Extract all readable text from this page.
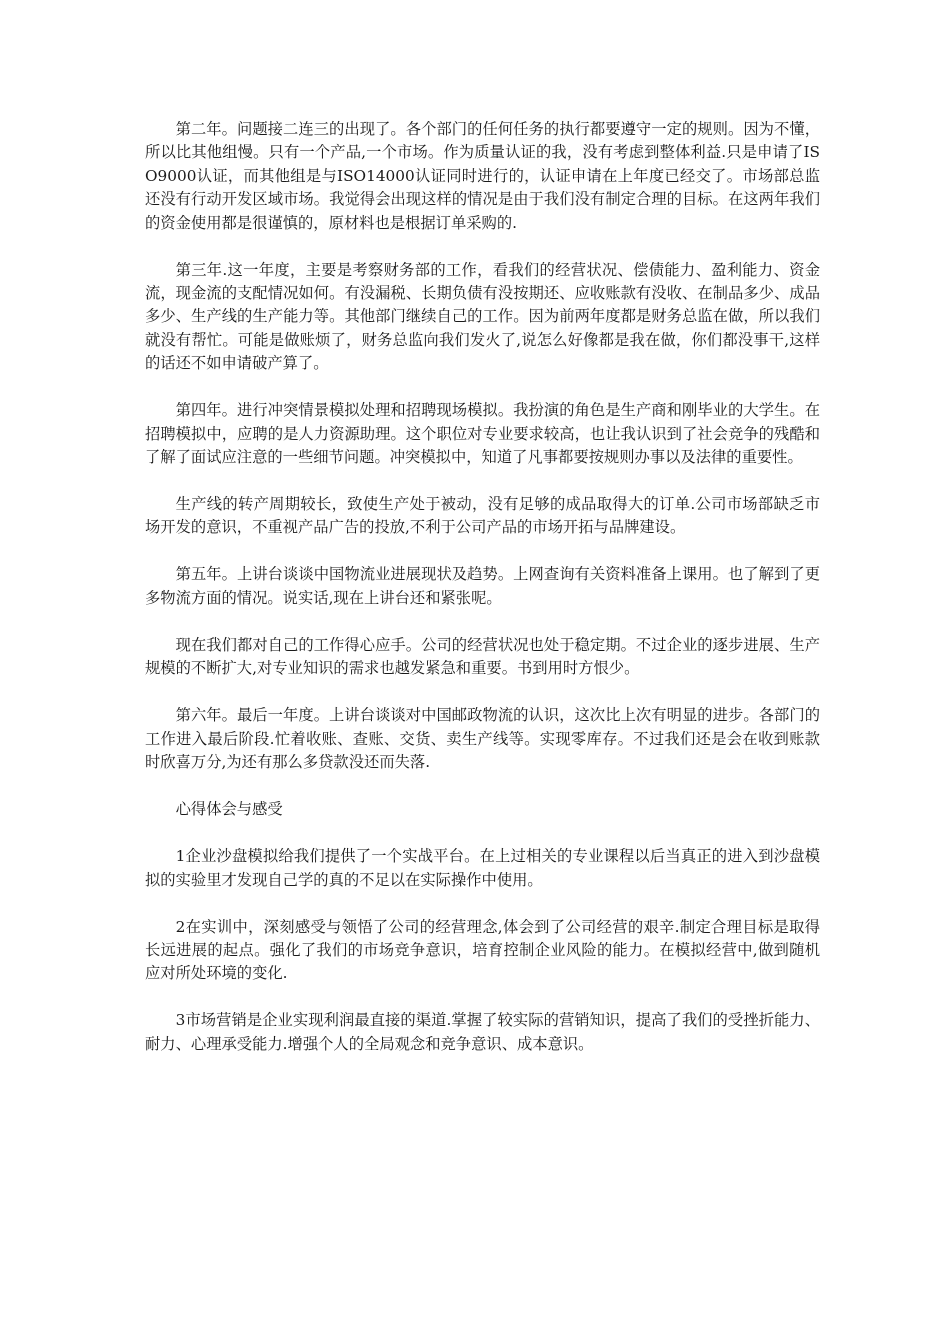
第二年。问题接二连三的出现了。各个部门的任何任务的执行都要遵守一定的规则。因为不懂，所以比其他组慢。只有一个产品,一个市场。作为质量认证的我，没有考虑到整体利益.只是申请了ISO9000认证，而其他组是与ISO14000认证同时进行的，认证申请在上年度已经交了。市场部总监还没有行动开发区域市场。我觉得会出现这样的情况是由于我们没有制定合理的目标。在这两年我们的资金使用都是很谨慎的，原材料也是根据订单采购的.

第三年.这一年度，主要是考察财务部的工作，看我们的经营状况、偿债能力、盈利能力、资金流，现金流的支配情况如何。有没漏税、长期负债有没按期还、应收账款有没收、在制品多少、成品多少、生产线的生产能力等。其他部门继续自己的工作。因为前两年度都是财务总监在做，所以我们就没有帮忙。可能是做账烦了，财务总监向我们发火了,说怎么好像都是我在做，你们都没事干,这样的话还不如申请破产算了。

第四年。进行冲突情景模拟处理和招聘现场模拟。我扮演的角色是生产商和刚毕业的大学生。在招聘模拟中，应聘的是人力资源助理。这个职位对专业要求较高，也让我认识到了社会竞争的残酷和了解了面试应注意的一些细节问题。冲突模拟中，知道了凡事都要按规则办事以及法律的重要性。

生产线的转产周期较长，致使生产处于被动，没有足够的成品取得大的订单.公司市场部缺乏市场开发的意识，不重视产品广告的投放,不利于公司产品的市场开拓与品牌建设。

第五年。上讲台谈谈中国物流业进展现状及趋势。上网查询有关资料准备上课用。也了解到了更多物流方面的情况。说实话,现在上讲台还和紧张呢。

现在我们都对自己的工作得心应手。公司的经营状况也处于稳定期。不过企业的逐步进展、生产规模的不断扩大,对专业知识的需求也越发紧急和重要。书到用时方恨少。

第六年。最后一年度。上讲台谈谈对中国邮政物流的认识，这次比上次有明显的进步。各部门的工作进入最后阶段.忙着收账、查账、交货、卖生产线等。实现零库存。不过我们还是会在收到账款时欣喜万分,为还有那么多贷款没还而失落.

心得体会与感受

1企业沙盘模拟给我们提供了一个实战平台。在上过相关的专业课程以后当真正的进入到沙盘模拟的实验里才发现自己学的真的不足以在实际操作中使用。

2在实训中，深刻感受与领悟了公司的经营理念,体会到了公司经营的艰辛.制定合理目标是取得长远进展的起点。强化了我们的市场竞争意识，培育控制企业风险的能力。在模拟经营中,做到随机应对所处环境的变化.

3市场营销是企业实现利润最直接的渠道.掌握了较实际的营销知识，提高了我们的受挫折能力、耐力、心理承受能力.增强个人的全局观念和竞争意识、成本意识。
